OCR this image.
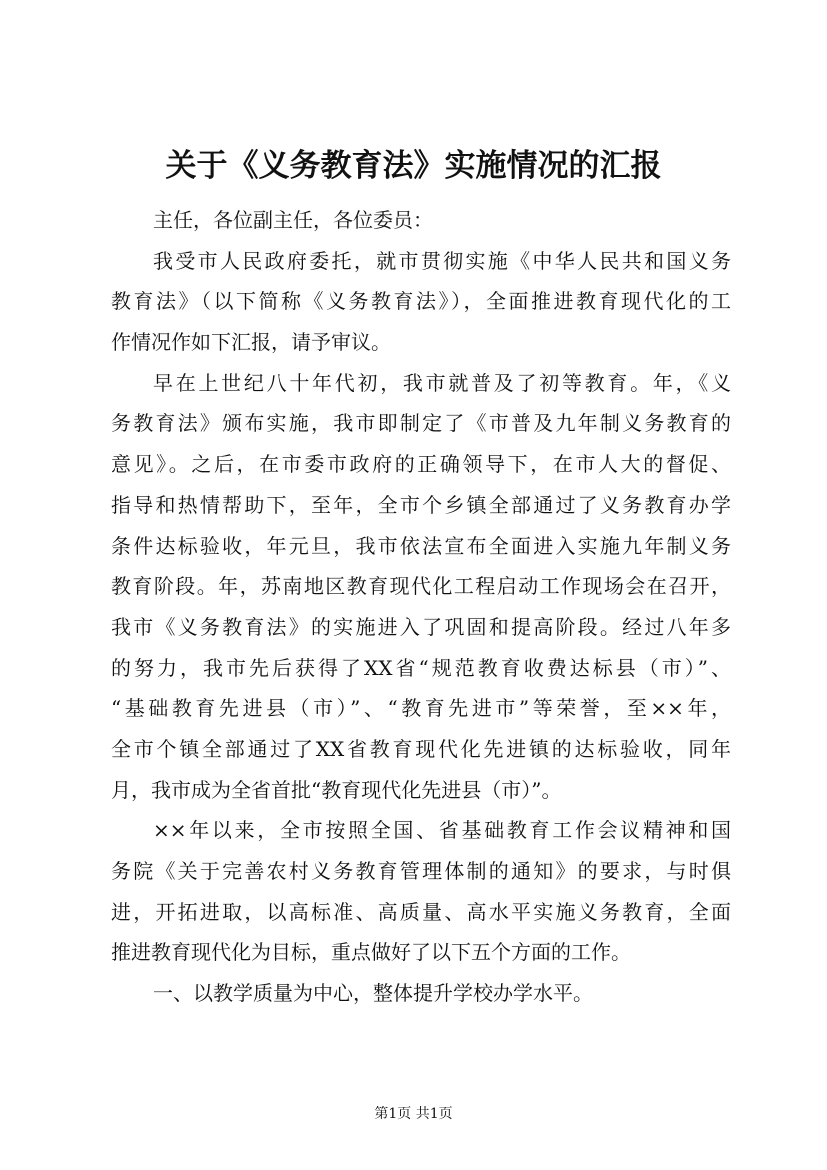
关于《义务教育法》实施情况的汇报
主任，各位副主任，各位委员：
我受市人民政府委托，就市贯彻实施《中华人民共和国义务
教育法》（以下简称《义务教育法》），全面推进教育现代化的工
作情况作如下汇报，请予审议。
早在上世纪八十年代初，我市就普及了初等教育。年，《义
务教育法》颁布实施，我市即制定了《市普及九年制义务教育的
意见》。之后，在市委市政府的正确领导下，在市人大的督促、
指导和热情帮助下，至年，全市个乡镇全部通过了义务教育办学
条件达标验收，年元旦，我市依法宣布全面进入实施九年制义务
教育阶段。年，苏南地区教育现代化工程启动工作现场会在召开，
我市《义务教育法》的实施进入了巩固和提高阶段。经过八年多
的努力，我市先后获得了XX省“规范教育收费达标县（市）”、
“基础教育先进县（市）”、“教育先进市”等荣誉，至××年，
全市个镇全部通过了XX省教育现代化先进镇的达标验收，同年
月，我市成为全省首批“教育现代化先进县（市）”。
××年以来，全市按照全国、省基础教育工作会议精神和国
务院《关于完善农村义务教育管理体制的通知》的要求，与时俱
进，开拓进取，以高标准、高质量、高水平实施义务教育，全面
推进教育现代化为目标，重点做好了以下五个方面的工作。
一、以教学质量为中心，整体提升学校办学水平。
第1页 共1页
